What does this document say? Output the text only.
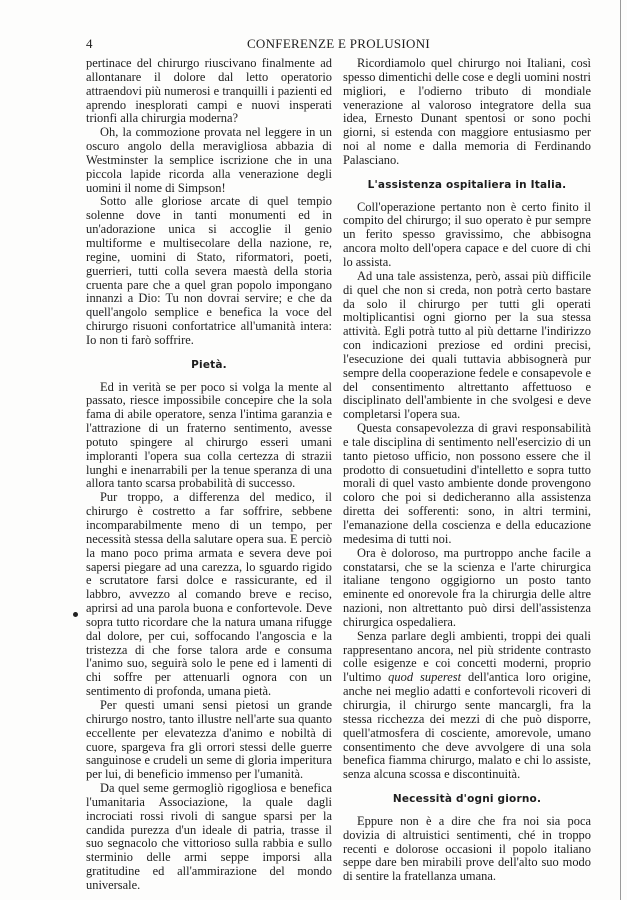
4	CONFERENZE E PROLUSIONI

pertinace del chirurgo riuscivano finalmente ad allontanare il dolore dal letto operatorio attraendovi più numerosi e tranquilli i pazienti ed aprendo inesplorati campi e nuovi insperati trionfi alla chirurgia moderna?

Oh, la commozione provata nel leggere in un oscuro angolo della meravigliosa abbazia di Westminster la semplice iscrizione che in una piccola lapide ricorda alla venerazione degli uomini il nome di Simpson!

Sotto alle gloriose arcate di quel tempio solenne dove in tanti monumenti ed in un'adorazione unica si accoglie il genio multiforme e multisecolare della nazione, re, regine, uomini di Stato, riformatori, poeti, guerrieri, tutti colla severa maestà della storia cruenta pare che a quel gran popolo impongano innanzi a Dio: Tu non dovrai servire; e che da quell'angolo semplice e benefica la voce del chirurgo risuoni confortatrice all'umanità intera: Io non ti farò soffrire.

Pietà.

Ed in verità se per poco si volga la mente al passato, riesce impossibile concepire che la sola fama di abile operatore, senza l'intima garanzia e l'attrazione di un fraterno sentimento, avesse potuto spingere al chirurgo esseri umani imploranti l'opera sua colla certezza di strazii lunghi e inenarrabili per la tenue speranza di una allora tanto scarsa probabilità di successo.

Pur troppo, a differenza del medico, il chirurgo è costretto a far soffrire, sebbene incomparabilmente meno di un tempo, per necessità stessa della salutare opera sua. E perciò la mano poco prima armata e severa deve poi sapersi piegare ad una carezza, lo sguardo rigido e scrutatore farsi dolce e rassicurante, ed il labbro, avvezzo al comando breve e reciso, aprirsi ad una parola buona e confortevole. Deve sopra tutto ricordare che la natura umana rifugge dal dolore, per cui, soffocando l'angoscia e la tristezza di che forse talora arde e consuma l'animo suo, seguirà solo le pene ed i lamenti di chi soffre per attenuarli ognora con un sentimento di profonda, umana pietà.

Per questi umani sensi pietosi un grande chirurgo nostro, tanto illustre nell'arte sua quanto eccellente per elevatezza d'animo e nobiltà di cuore, spargeva fra gli orrori stessi delle guerre sanguinose e crudeli un seme di gloria imperitura per lui, di beneficio immenso per l'umanità.

Da quel seme germogliò rigogliosa e benefica l'umanitaria Associazione, la quale dagli incrociati rossi rivoli di sangue sparsi per la candida purezza d'un ideale di patria, trasse il suo segnacolo che vittorioso sulla rabbia e sullo sterminio delle armi seppe imporsi alla gratitudine ed all'ammirazione del mondo universale.

Ricordiamolo quel chirurgo noi Italiani, così spesso dimentichi delle cose e degli uomini nostri migliori, e l'odierno tributo di mondiale venerazione al valoroso integratore della sua idea, Ernesto Dunant spentosi or sono pochi giorni, si estenda con maggiore entusiasmo per noi al nome e dalla memoria di Ferdinando Palasciano.

L'assistenza ospitaliera in Italia.

Coll'operazione pertanto non è certo finito il compito del chirurgo; il suo operato è pur sempre un ferito spesso gravissimo, che abbisogna ancora molto dell'opera capace e del cuore di chi lo assista.

Ad una tale assistenza, però, assai più difficile di quel che non si creda, non potrà certo bastare da solo il chirurgo per tutti gli operati moltiplicantisi ogni giorno per la sua stessa attività. Egli potrà tutto al più dettarne l'indirizzo con indicazioni preziose ed ordini precisi, l'esecuzione dei quali tuttavia abbisognerà pur sempre della cooperazione fedele e consapevole e del consentimento altrettanto affettuoso e disciplinato dell'ambiente in che svolgesi e deve completarsi l'opera sua.

Questa consapevolezza di gravi responsabilità e tale disciplina di sentimento nell'esercizio di un tanto pietoso ufficio, non possono essere che il prodotto di consuetudini d'intelletto e sopra tutto morali di quel vasto ambiente donde provengono coloro che poi si dedicheranno alla assistenza diretta dei sofferenti: sono, in altri termini, l'emanazione della coscienza e della educazione medesima di tutti noi.

Ora è doloroso, ma purtroppo anche facile a constatarsi, che se la scienza e l'arte chirurgica italiane tengono oggigiorno un posto tanto eminente ed onorevole fra la chirurgia delle altre nazioni, non altrettanto può dirsi dell'assistenza chirurgica ospedaliera.

Senza parlare degli ambienti, troppi dei quali rappresentano ancora, nel più stridente contrasto colle esigenze e coi concetti moderni, proprio l'ultimo quod superest dell'antica loro origine, anche nei meglio adatti e confortevoli ricoveri di chirurgia, il chirurgo sente mancargli, fra la stessa ricchezza dei mezzi di che può disporre, quell'atmosfera di cosciente, amorevole, umano consentimento che deve avvolgere di una sola benefica fiamma chirurgo, malato e chi lo assiste, senza alcuna scossa e discontinuità.

Necessità d'ogni giorno.

Eppure non è a dire che fra noi sia poca dovizia di altruistici sentimenti, ché in troppo recenti e dolorose occasioni il popolo italiano seppe dare ben mirabili prove dell'alto suo modo di sentire la fratellanza umana.
